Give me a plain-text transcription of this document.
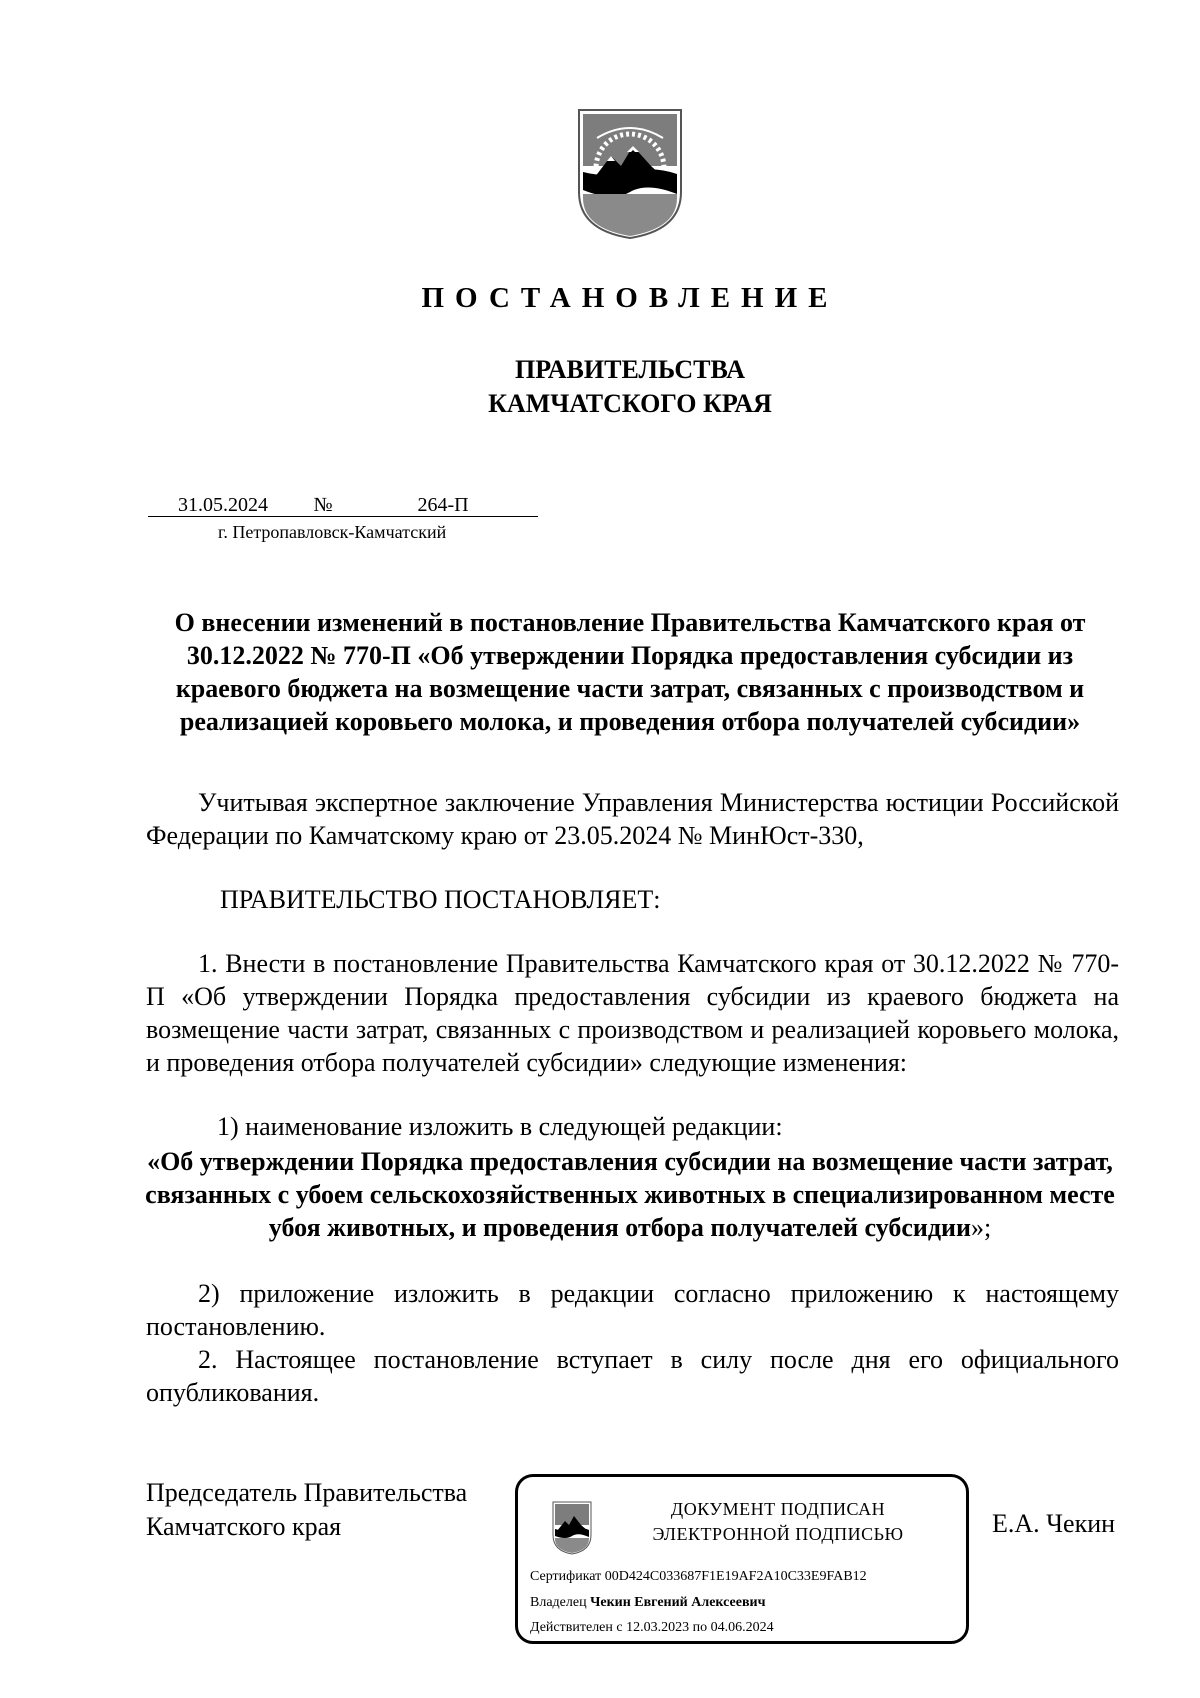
ПОСТАНОВЛЕНИЕ
ПРАВИТЕЛЬСТВА
КАМЧАТСКОГО КРАЯ
31.05.2024 №	264-П
г. Петропавловск-Камчатский
О внесении изменений в постановление Правительства Камчатского края от 30.12.2022 № 770-П «Об утверждении Порядка предоставления субсидии из краевого бюджета на возмещение части затрат, связанных с производством и реализацией коровьего молока, и проведения отбора получателей субсидии»
Учитывая экспертное заключение Управления Министерства юстиции Российской Федерации по Камчатскому краю от 23.05.2024 № МинЮст-330,
ПРАВИТЕЛЬСТВО ПОСТАНОВЛЯЕТ:
1. Внести в постановление Правительства Камчатского края от 30.12.2022 № 770-П «Об утверждении Порядка предоставления субсидии из краевого бюджета на возмещение части затрат, связанных с производством и реализацией коровьего молока, и проведения отбора получателей субсидии» следующие изменения:
1) наименование изложить в следующей редакции:
«Об утверждении Порядка предоставления субсидии на возмещение части затрат, связанных с убоем сельскохозяйственных животных в специализированном месте убоя животных, и проведения отбора получателей субсидии»;
2) приложение изложить в редакции согласно приложению к настоящему постановлению.
2. Настоящее постановление вступает в силу после дня его официального опубликования.
Председатель Правительства
Камчатского края	Е.А. Чекин
ДОКУМЕНТ ПОДПИСАН
ЭЛЕКТРОННОЙ ПОДПИСЬЮ
Сертификат 00D424C033687F1E19AF2A10C33E9FAB12
Владелец Чекин Евгений Алексеевич
Действителен с 12.03.2023 по 04.06.2024
